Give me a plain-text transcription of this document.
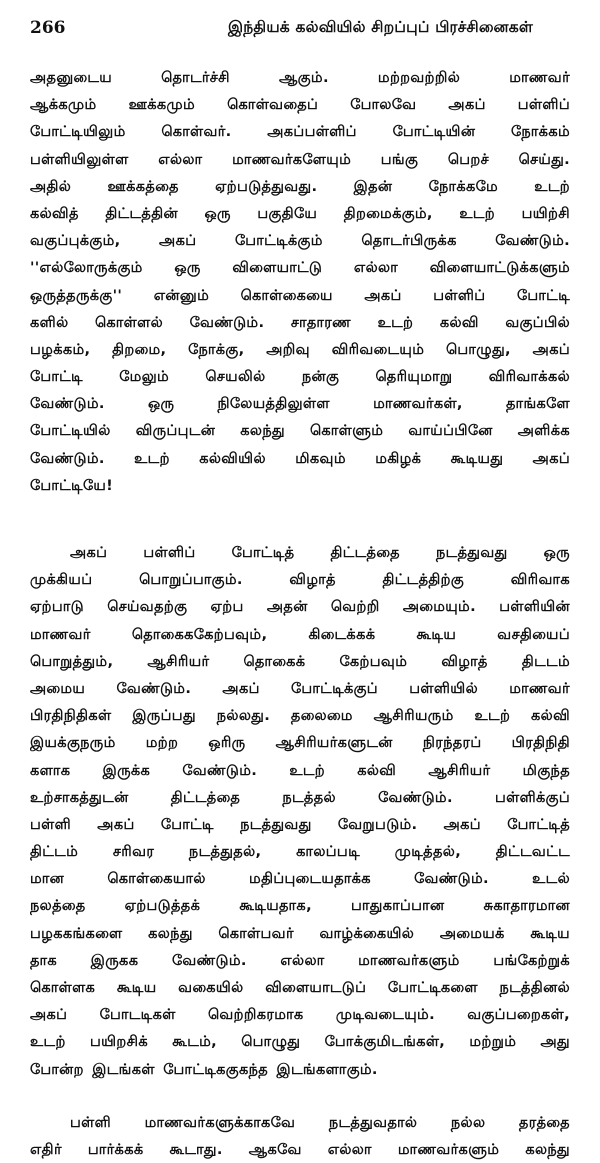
266	இந்தியக் கல்வியில் சிறப்புப் பிரச்சினைகள்
அதனுடைய தொடர்ச்சி ஆகும். மற்றவற்றில் மாணவர்
ஆக்கமும் ஊக்கமும் கொள்வதைப் போலவே அகப் பள்ளிப்
போட்டியிலும் கொள்வர். அகப்பள்ளிப் போட்டியின் நோக்கம்
பள்ளியிலுள்ள எல்லா மாணவர்களேயும் பங்கு பெறச் செய்து.
அதில் ஊக்கத்தை ஏற்படுத்துவது. இதன் நோக்கமே உடற்
கல்வித் திட்டத்தின் ஒரு பகுதியே திறமைக்கும், உடற் பயிற்சி
வகுப்புக்கும், அகப் போட்டிக்கும் தொடர்பிருக்க வேண்டும்.
''எல்லோருக்கும் ஒரு விளையாட்டு எல்லா விளையாட்டுக்களும்
ஒருத்தருக்கு'' என்னும் கொள்கையை அகப் பள்ளிப் போட்டி
களில் கொள்ளல் வேண்டும். சாதாரண உடற் கல்வி வகுப்பில்
பழக்கம், திறமை, நோக்கு, அறிவு விரிவடையும் பொழுது, அகப்
போட்டி மேலும் செயலில் நன்கு தெரியுமாறு விரிவாக்கல்
வேண்டும். ஒரு நிலேயத்திலுள்ள மாணவர்கள், தாங்களே
போட்டியில் விருப்புடன் கலந்து கொள்ளும் வாய்ப்பினே அளிக்க
வேண்டும். உடற் கல்வியில் மிகவும் மகிழக் கூடியது அகப்
போட்டியே!
அகப் பள்ளிப் போட்டித் திட்டத்தை நடத்துவது ஒரு
முக்கியப் பொறுப்பாகும். விழாத் திட்டத்திற்கு விரிவாக
ஏற்பாடு செய்வதற்கு ஏற்ப அதன் வெற்றி அமையும். பள்ளியின்
மாணவர் தொகைககேற்பவும், கிடைக்கக் கூடிய வசதியைப்
பொறுத்தும், ஆசிரியர் தொகைக் கேற்பவும் விழாத் திடடம்
அமைய வேண்டும். அகப் போட்டிக்குப் பள்ளியில் மாணவர்
பிரதிநிதிகள் இருப்பது நல்லது. தலைமை ஆசிரியரும் உடற் கல்வி
இயக்குநரும் மற்ற ஒரிரு ஆசிரியர்களுடன் நிரந்தரப் பிரதிநிதி
களாக இருக்க வேண்டும். உடற் கல்வி ஆசிரியர் மிகுந்த
உற்சாகத்துடன் திட்டத்தை நடத்தல் வேண்டும். பள்ளிக்குப்
பள்ளி அகப் போட்டி நடத்துவது வேறுபடும். அகப் போட்டித்
திட்டம் சரிவர நடத்துதல், காலப்படி முடித்தல், திட்டவட்ட
மான கொள்கையால் மதிப்புடையதாக்க வேண்டும். உடல்
நலத்தை ஏற்படுத்தக் கூடியதாக, பாதுகாப்பான சுகாதாரமான
பழககங்களை கலந்து கொள்பவர் வாழ்க்கையில் அமையக் கூடிய
தாக இருகக வேண்டும். எல்லா மாணவர்களும் பங்கேற்றுக்
கொள்ளக கூடிய வகையில் விளையாடடுப் போட்டிகளை நடத்தினல்
அகப் போடடிகள் வெற்றிகரமாக முடிவடையும். வகுப்பறைகள்,
உடற் பயிறசிக் கூடம், பொழுது போக்குமிடங்கள், மற்றும் அது
போன்ற இடங்கள் போட்டிககுகந்த இடங்களாகும்.
பள்ளி மாணவர்களுக்காகவே நடத்துவதால் நல்ல தரத்தை
எதிர் பார்க்கக் கூடாது. ஆகவே எல்லா மாணவர்களும் கலந்து
